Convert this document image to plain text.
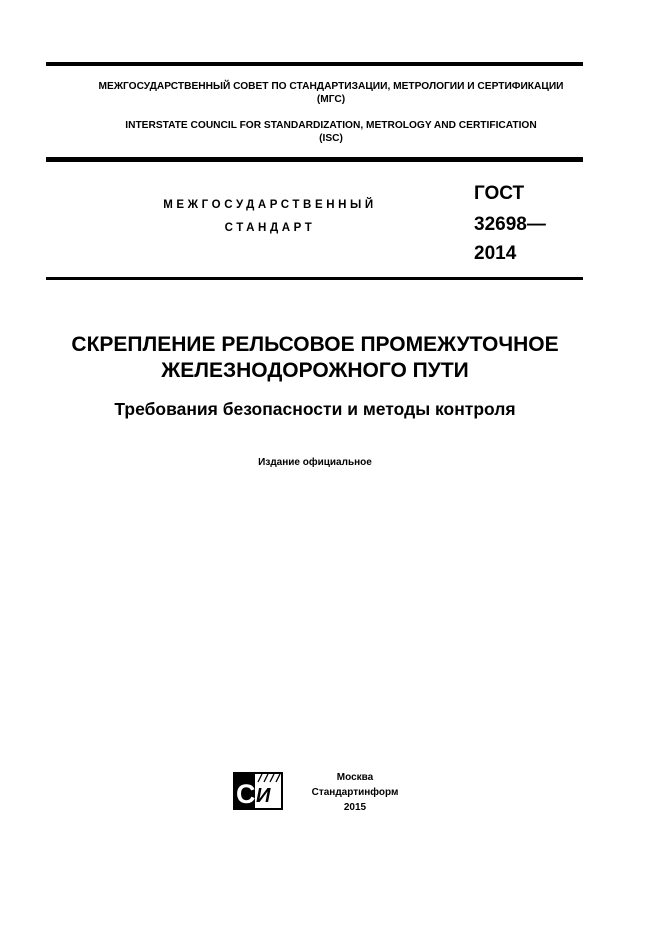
МЕЖГОСУДАРСТВЕННЫЙ СОВЕТ ПО СТАНДАРТИЗАЦИИ, МЕТРОЛОГИИ И СЕРТИФИКАЦИИ
(МГС)
INTERSTATE COUNCIL FOR STANDARDIZATION, METROLOGY AND CERTIFICATION
(ISC)
МЕЖГОСУДАРСТВЕННЫЙ
СТАНДАРТ
ГОСТ
32698—
2014
СКРЕПЛЕНИЕ РЕЛЬСОВОЕ ПРОМЕЖУТОЧНОЕ
ЖЕЛЕЗНОДОРОЖНОГО ПУТИ
Требования безопасности и методы контроля
Издание официальное
С И
Москва
Стандартинформ
2015
